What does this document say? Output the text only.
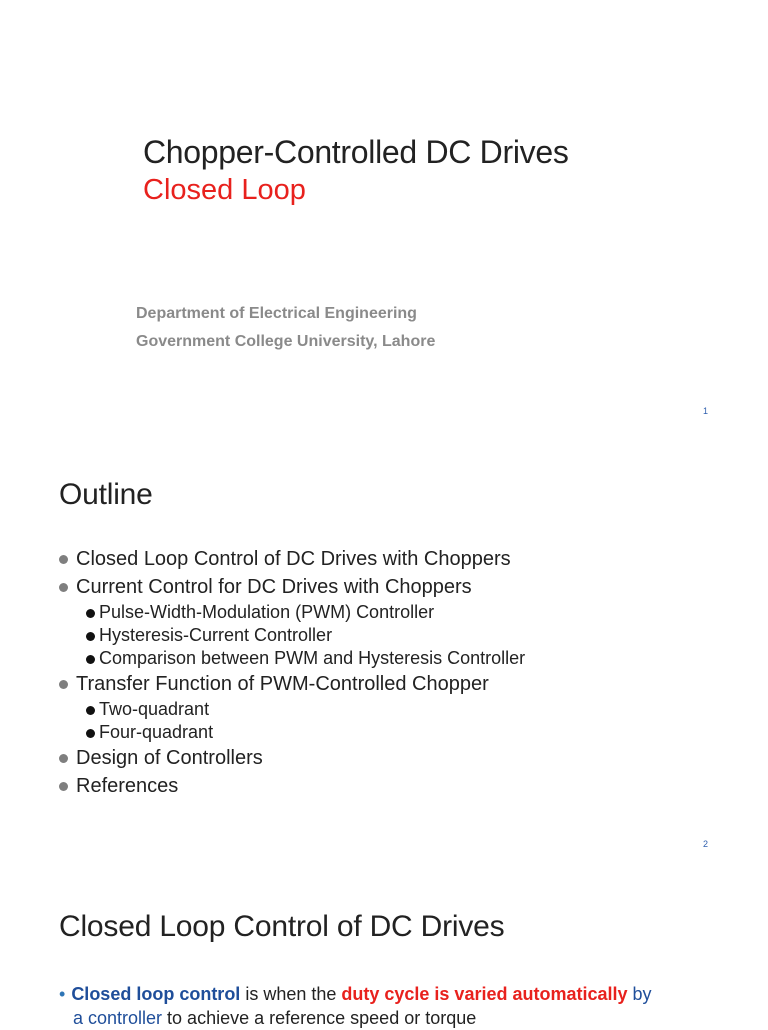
Chopper-Controlled DC Drives
Closed Loop
Department of Electrical Engineering
Government College University, Lahore
1
Outline
Closed Loop Control of DC Drives with Choppers
Current Control for DC Drives with Choppers
Pulse-Width-Modulation (PWM) Controller
Hysteresis-Current Controller
Comparison between PWM and Hysteresis Controller
Transfer Function of PWM-Controlled Chopper
Two-quadrant
Four-quadrant
Design of Controllers
References
2
Closed Loop Control of DC Drives
• Closed loop control is when the duty cycle is varied automatically by
a controller to achieve a reference speed or torque
